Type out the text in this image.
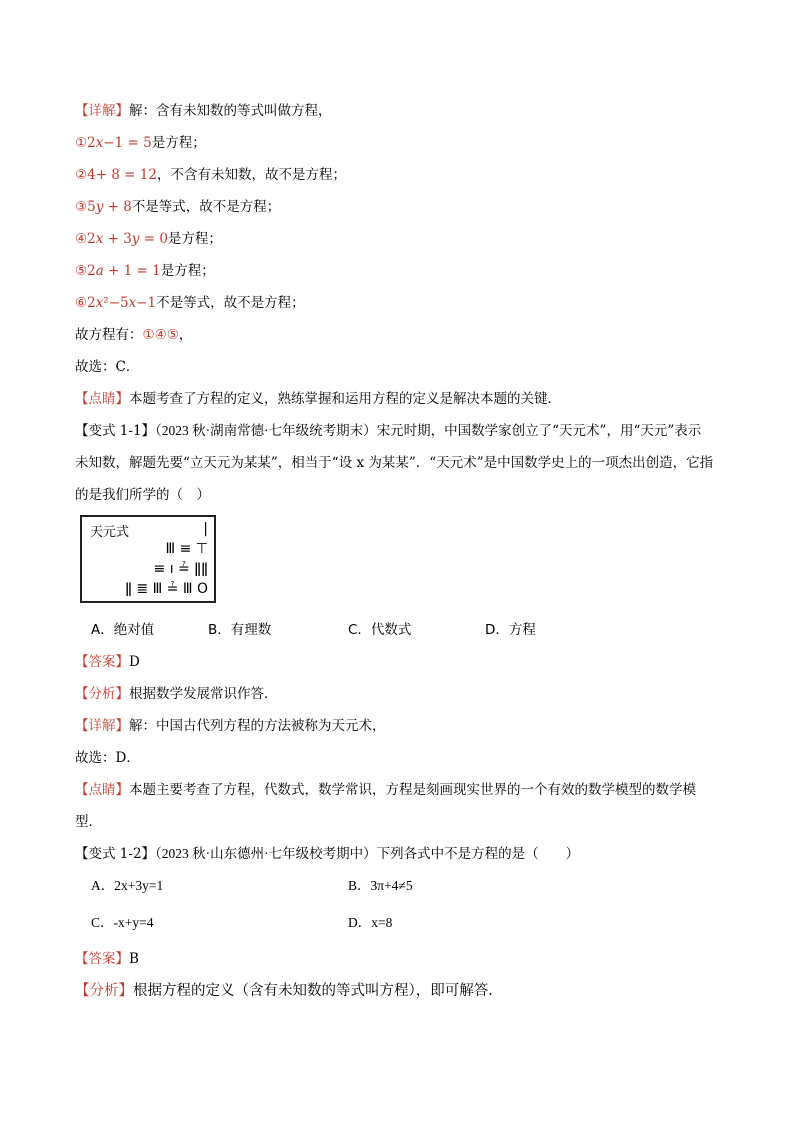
【详解】解：含有未知数的等式叫做方程，
①2𝑥−1 = 5是方程；
②4+ 8 = 12，不含有未知数，故不是方程；
③5𝑦 + 8不是等式，故不是方程；
④2𝑥 + 3𝑦 = 0是方程；
⑤2𝑎 + 1 = 1是方程；
⑥2𝑥²−5𝑥−1不是等式，故不是方程；
故方程有：①④⑤，
故选：C．
【点睛】本题考查了方程的定义，熟练掌握和运用方程的定义是解决本题的关键．
【变式 1-1】（2023 秋·湖南常德·七年级统考期末）宋元时期，中国数学家创立了“天元术”，用“天元”表示
未知数，解题先要“立天元为某某”，相当于“设 x 为某某”．“天元术”是中国数学史上的一项杰出创造，它指
的是我们所学的（　）
天元式	|
Ⅲ ≡ ⊤
≡ ı ≟ ǁǁ
ǁ ≣ Ⅲ ≟ Ⅲ O
A．绝对值	B．有理数	C．代数式	D．方程
【答案】D
【分析】根据数学发展常识作答．
【详解】解：中国古代列方程的方法被称为天元术，
故选：D．
【点睛】本题主要考查了方程，代数式，数学常识，方程是刻画现实世界的一个有效的数学模型的数学模
型．
【变式 1-2】（2023 秋·山东德州·七年级校考期中）下列各式中不是方程的是（　　）
A．2x+3y=1	B．3π+4≠5
C．-x+y=4	D．x=8
【答案】B
【分析】根据方程的定义（含有未知数的等式叫方程），即可解答．
